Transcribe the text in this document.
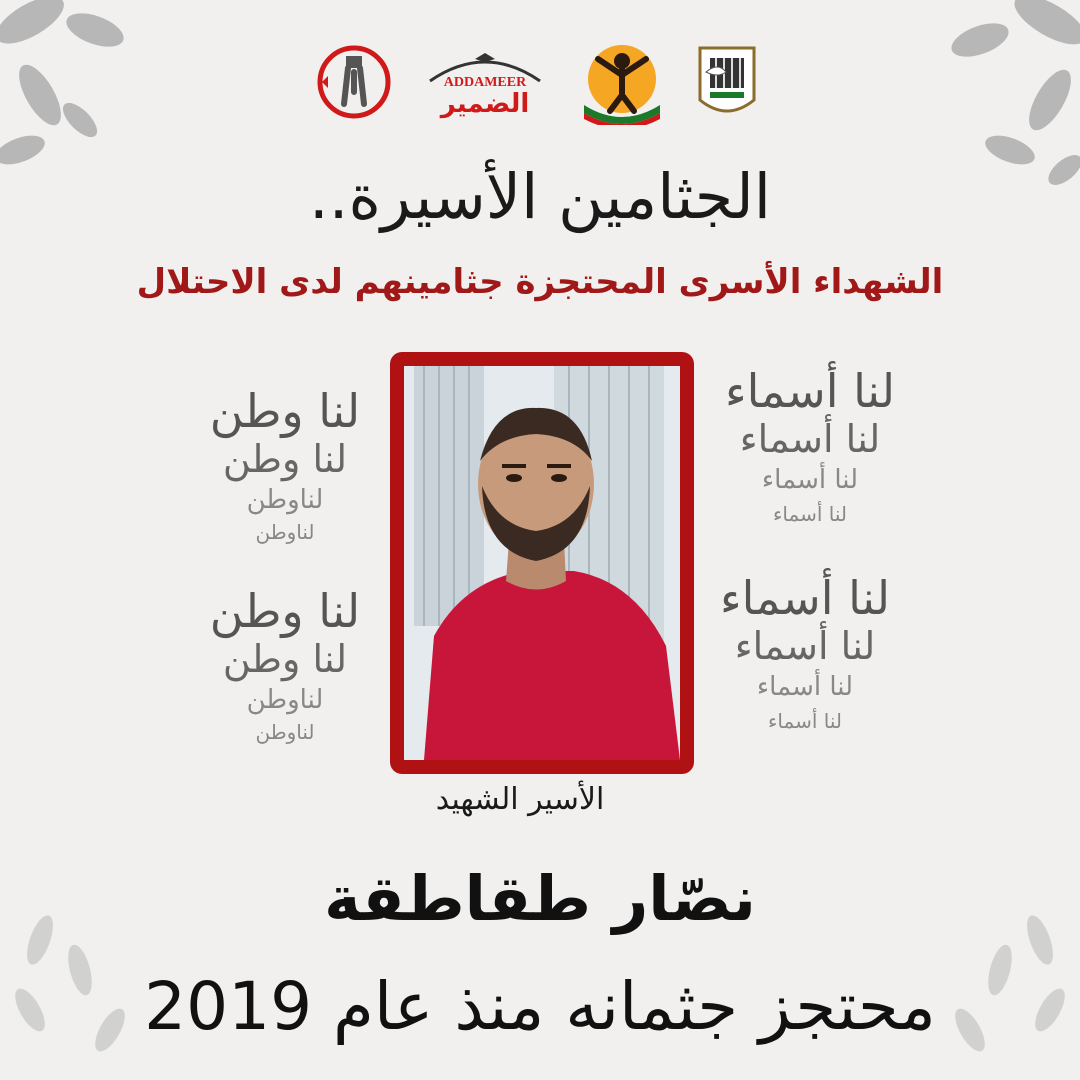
ADDAMEER
الضمير
الجثامين الأسيرة..
الشهداء الأسرى المحتجزة جثامينهم لدى الاحتلال
لنا وطن
لنا وطن
لناوطن
لناوطن
لنا وطن
لنا وطن
لناوطن
لناوطن
لنا أسماء
لنا أسماء
لنا أسماء
لنا أسماء
لنا أسماء
لنا أسماء
لنا أسماء
لنا أسماء
الأسير الشهيد
نصّار طقاطقة
محتجز جثمانه منذ عام 2019
